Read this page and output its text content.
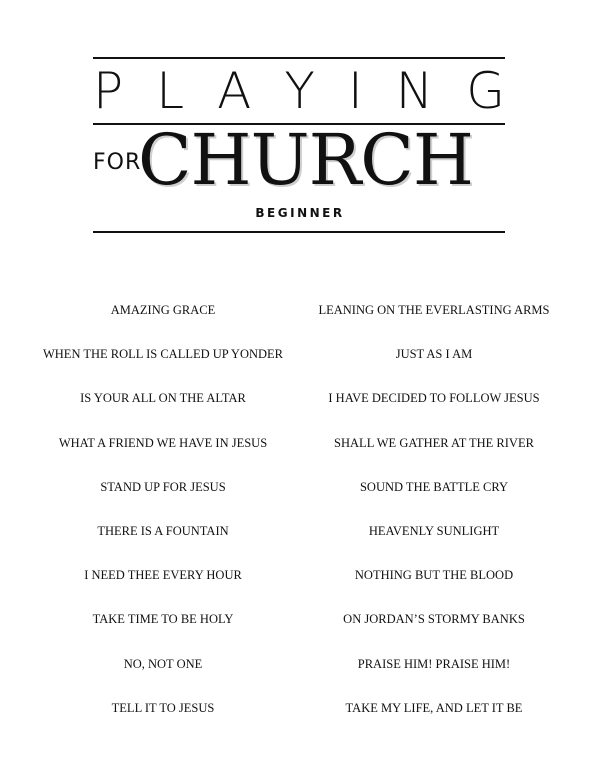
P L A Y I N G
FOR
CHURCH
BEGINNER
AMAZING GRACE
WHEN THE ROLL IS CALLED UP YONDER
IS YOUR ALL ON THE ALTAR
WHAT A FRIEND WE HAVE IN JESUS
STAND UP FOR JESUS
THERE IS A FOUNTAIN
I NEED THEE EVERY HOUR
TAKE TIME TO BE HOLY
NO, NOT ONE
TELL IT TO JESUS
LEANING ON THE EVERLASTING ARMS
JUST AS I AM
I HAVE DECIDED TO FOLLOW JESUS
SHALL WE GATHER AT THE RIVER
SOUND THE BATTLE CRY
HEAVENLY SUNLIGHT
NOTHING BUT THE BLOOD
ON JORDAN’S STORMY BANKS
PRAISE HIM! PRAISE HIM!
TAKE MY LIFE, AND LET IT BE
